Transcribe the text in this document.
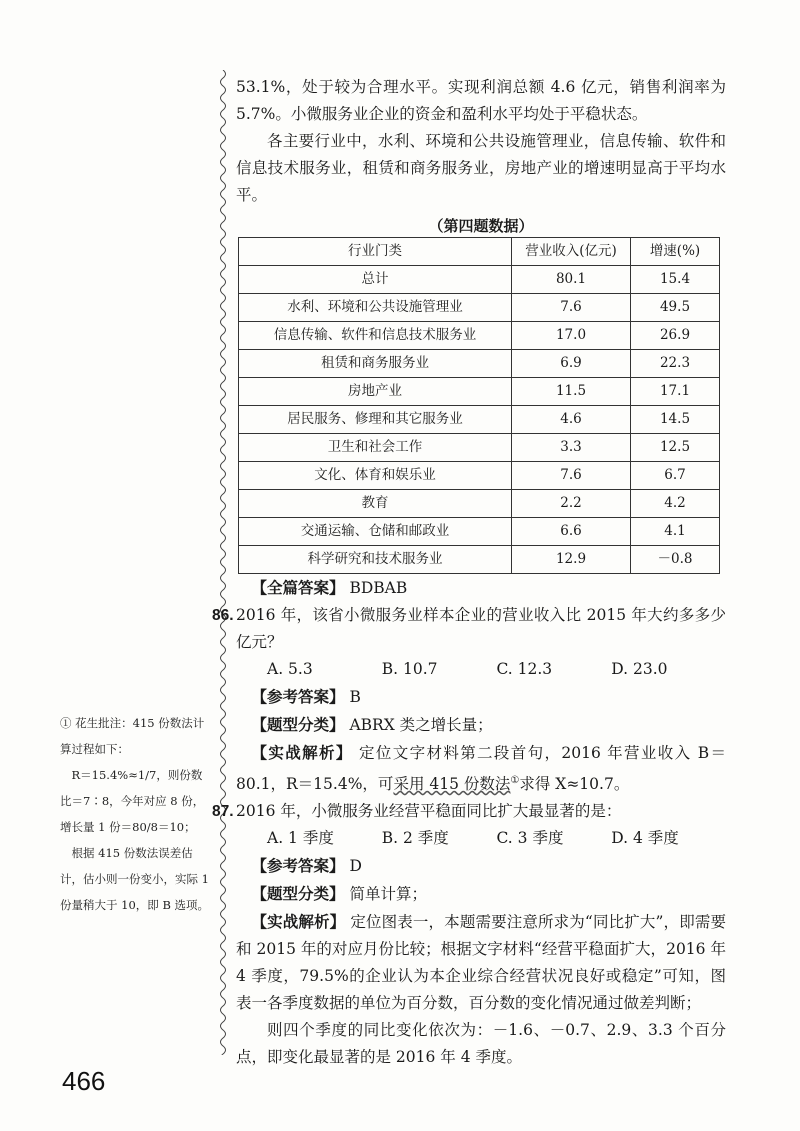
53.1%，处于较为合理水平。实现利润总额 4.6 亿元，销售利润率为 5.7%。小微服务业企业的资金和盈利水平均处于平稳状态。

各主要行业中，水利、环境和公共设施管理业，信息传输、软件和信息技术服务业，租赁和商务服务业，房地产业的增速明显高于平均水平。

（第四题数据）
行业门类	营业收入(亿元)	增速(%)
总计	80.1	15.4
水利、环境和公共设施管理业	7.6	49.5
信息传输、软件和信息技术服务业	17.0	26.9
租赁和商务服务业	6.9	22.3
房地产业	11.5	17.1
居民服务、修理和其它服务业	4.6	14.5
卫生和社会工作	3.3	12.5
文化、体育和娱乐业	7.6	6.7
教育	2.2	4.2
交通运输、仓储和邮政业	6.6	4.1
科学研究和技术服务业	12.9	－0.8

【全篇答案】 BDBAB

86. 2016 年，该省小微服务业样本企业的营业收入比 2015 年大约多多少亿元？

A. 5.3	B. 10.7	C. 12.3	D. 23.0

【参考答案】 B

【题型分类】 ABRX 类之增长量；

【实战解析】 定位文字材料第二段首句，2016 年营业收入 B＝80.1，R＝15.4%，可采用 415 份数法①求得 X≈10.7。

87. 2016 年，小微服务业经营平稳面同比扩大最显著的是：

A. 1 季度	B. 2 季度	C. 3 季度	D. 4 季度

【参考答案】 D

【题型分类】 简单计算；

【实战解析】 定位图表一，本题需要注意所求为“同比扩大”，即需要和 2015 年的对应月份比较；根据文字材料“经营平稳面扩大，2016 年 4 季度，79.5%的企业认为本企业综合经营状况良好或稳定”可知，图表一各季度数据的单位为百分数，百分数的变化情况通过做差判断；

则四个季度的同比变化依次为：－1.6、－0.7、2.9、3.3 个百分点，即变化最显著的是 2016 年 4 季度。

① 花生批注：415 份数法计算过程如下：

R＝15.4%≈1/7，则份数比＝7∶8，今年对应 8 份，增长量 1 份＝80/8＝10；

根据 415 份数法误差估计，估小则一份变小，实际 1 份量稍大于 10，即 B 选项。

466
